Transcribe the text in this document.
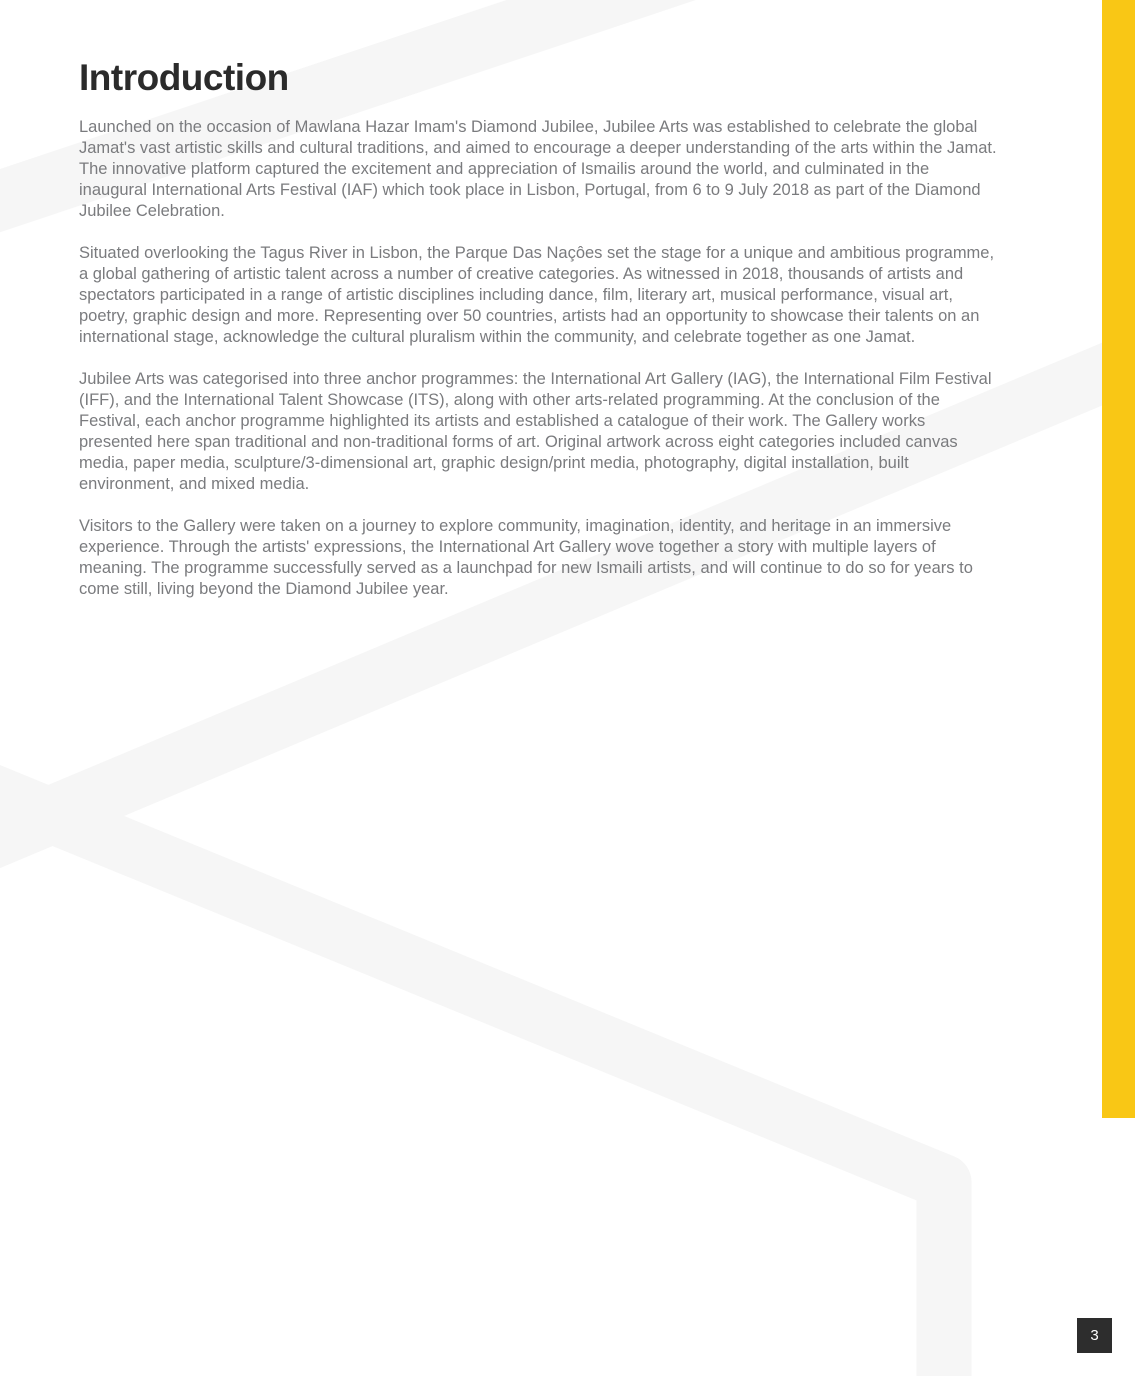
Introduction

Launched on the occasion of Mawlana Hazar Imam's Diamond Jubilee, Jubilee Arts was established to celebrate the global Jamat's vast artistic skills and cultural traditions, and aimed to encourage a deeper understanding of the arts within the Jamat. The innovative platform captured the excitement and appreciation of Ismailis around the world, and culminated in the inaugural International Arts Festival (IAF) which took place in Lisbon, Portugal, from 6 to 9 July 2018 as part of the Diamond Jubilee Celebration.

Situated overlooking the Tagus River in Lisbon, the Parque Das Naçôes set the stage for a unique and ambitious programme, a global gathering of artistic talent across a number of creative categories. As witnessed in 2018, thousands of artists and spectators participated in a range of artistic disciplines including dance, film, literary art, musical performance, visual art, poetry, graphic design and more. Representing over 50 countries, artists had an opportunity to showcase their talents on an international stage, acknowledge the cultural pluralism within the community, and celebrate together as one Jamat.

Jubilee Arts was categorised into three anchor programmes: the International Art Gallery (IAG), the International Film Festival (IFF), and the International Talent Showcase (ITS), along with other arts-related programming. At the conclusion of the Festival, each anchor programme highlighted its artists and established a catalogue of their work. The Gallery works presented here span traditional and non-traditional forms of art. Original artwork across eight categories included canvas media, paper media, sculpture/3-dimensional art, graphic design/print media, photography, digital installation, built environment, and mixed media.

Visitors to the Gallery were taken on a journey to explore community, imagination, identity, and heritage in an immersive experience. Through the artists' expressions, the International Art Gallery wove together a story with multiple layers of meaning. The programme successfully served as a launchpad for new Ismaili artists, and will continue to do so for years to come still, living beyond the Diamond Jubilee year.

3
